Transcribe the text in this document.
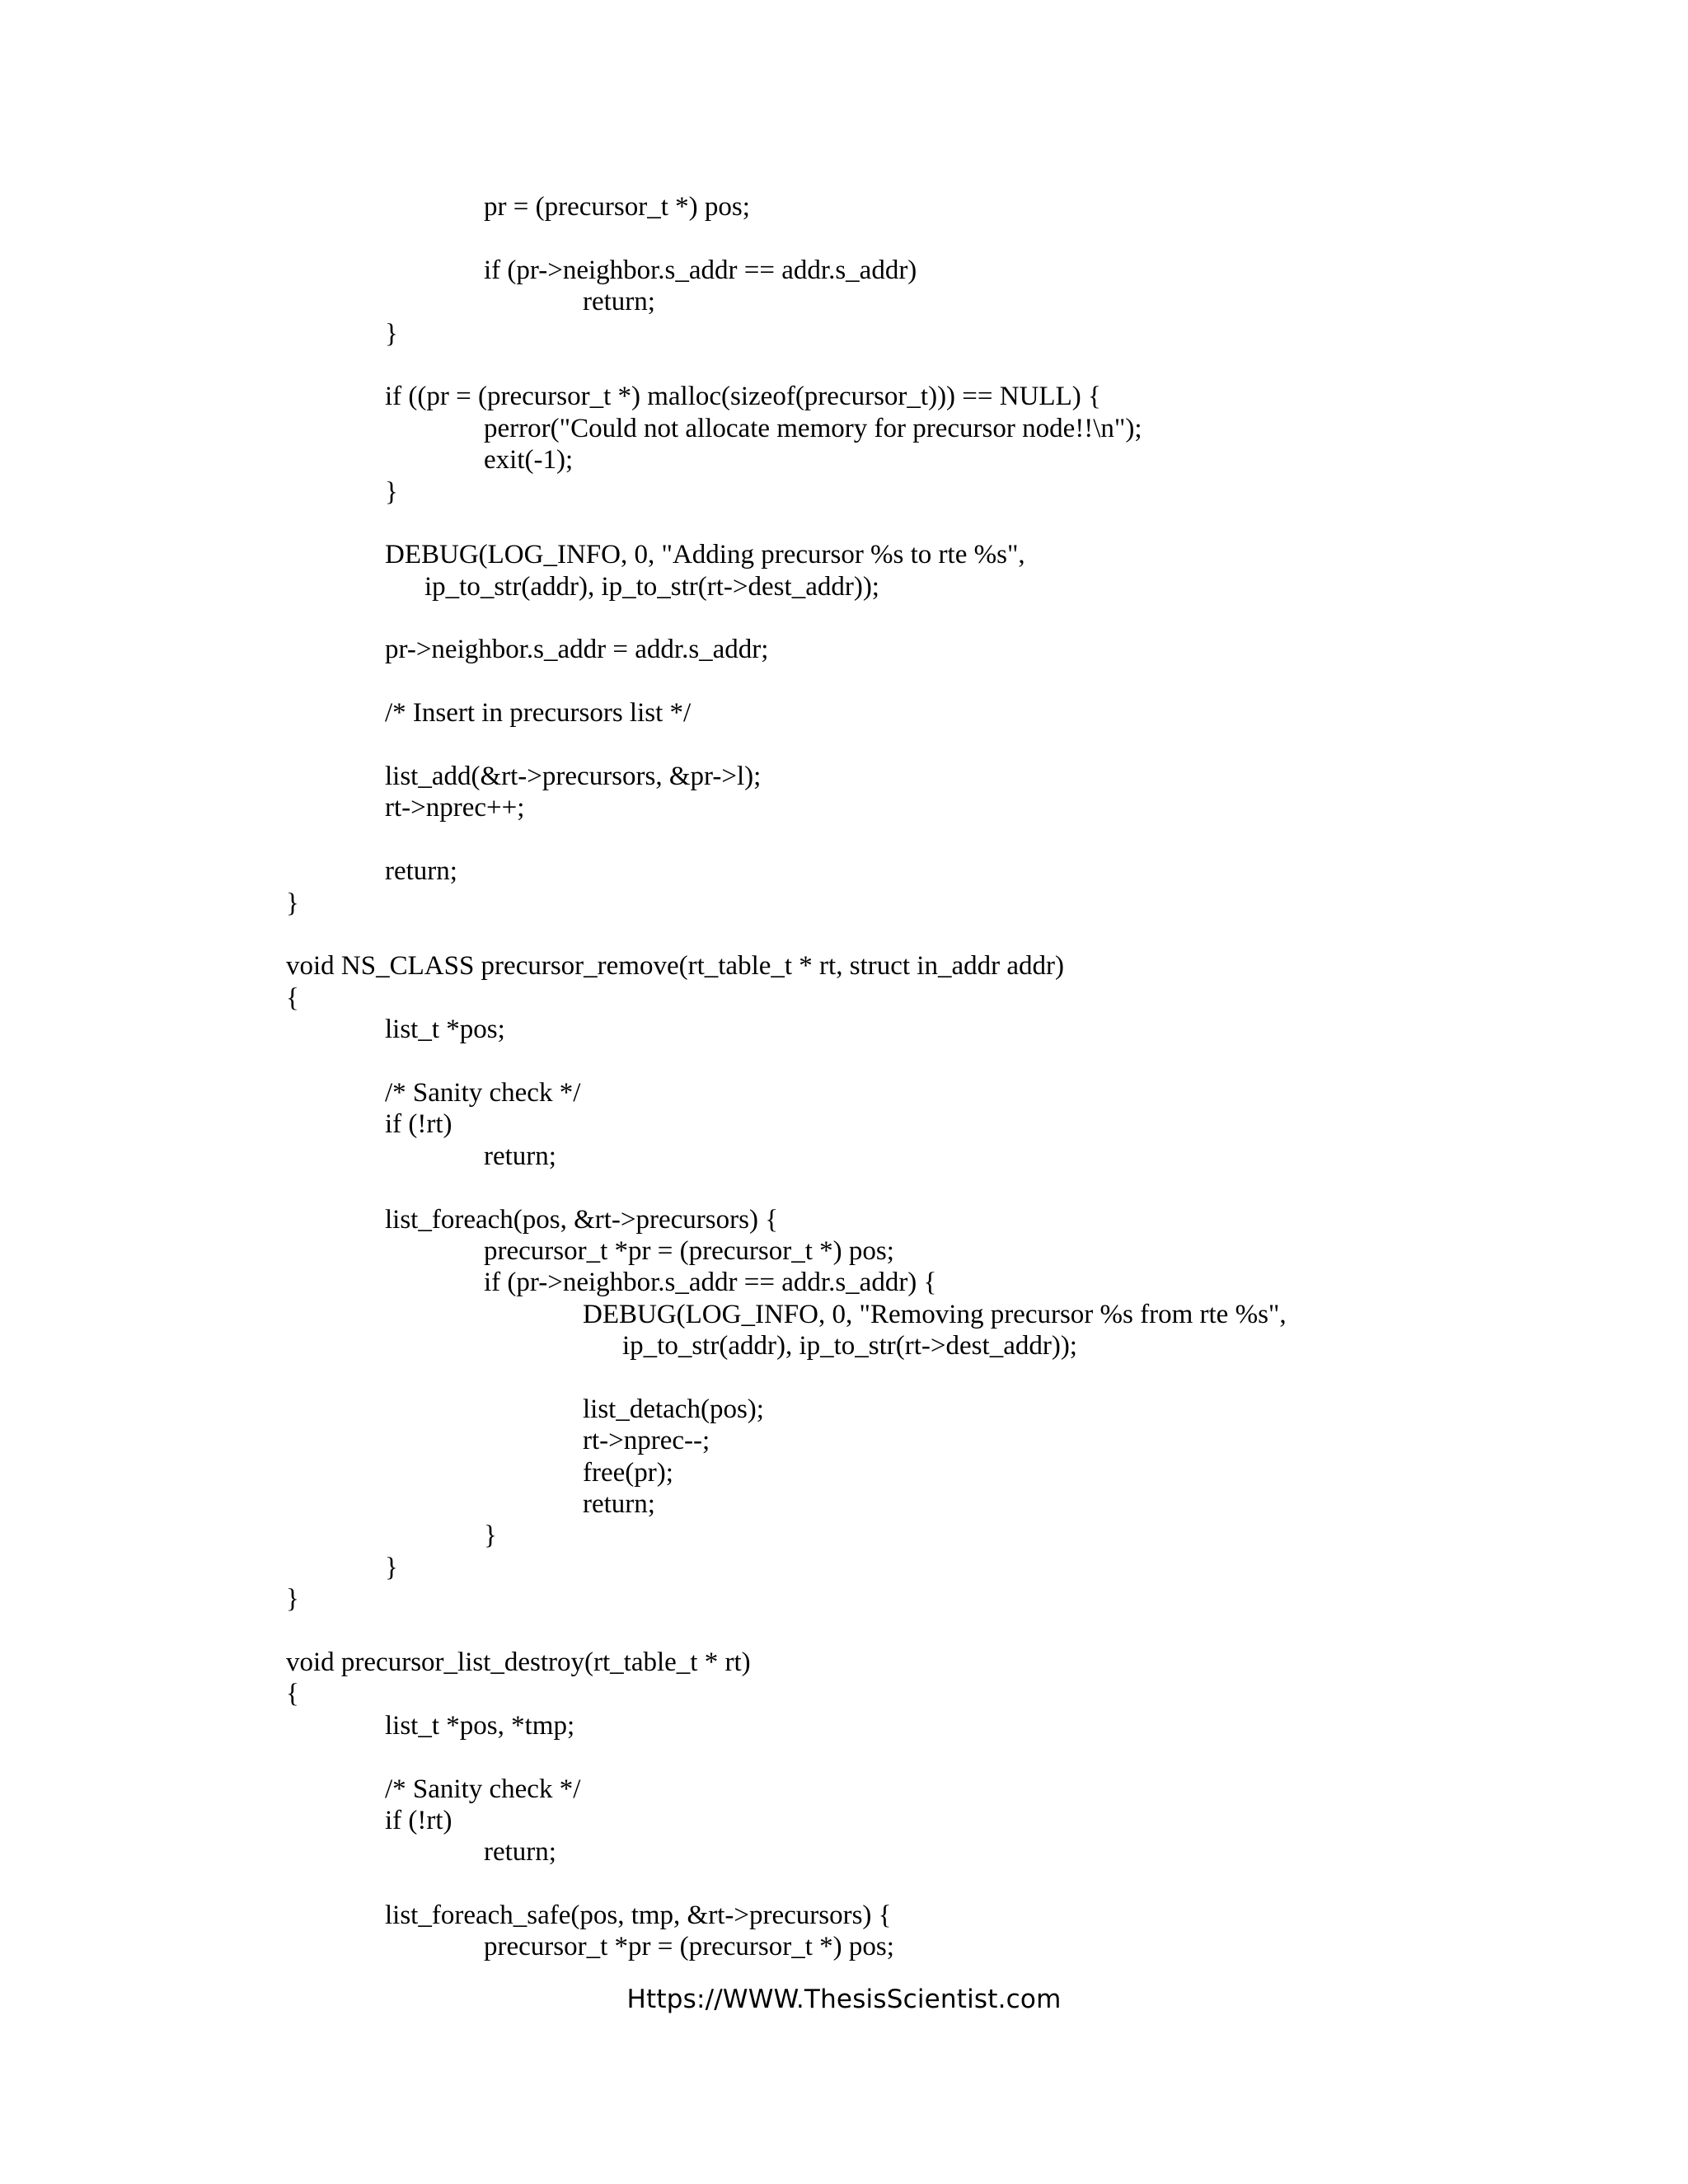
pr = (precursor_t *) pos;
if (pr->neighbor.s_addr == addr.s_addr)
return;
}
if ((pr = (precursor_t *) malloc(sizeof(precursor_t))) == NULL) {
perror("Could not allocate memory for precursor node!!\n");
exit(-1);
}
DEBUG(LOG_INFO, 0, "Adding precursor %s to rte %s",
ip_to_str(addr), ip_to_str(rt->dest_addr));
pr->neighbor.s_addr = addr.s_addr;
/* Insert in precursors list */
list_add(&rt->precursors, &pr->l);
rt->nprec++;
return;
}
void NS_CLASS precursor_remove(rt_table_t * rt, struct in_addr addr)
{
list_t *pos;
/* Sanity check */
if (!rt)
return;
list_foreach(pos, &rt->precursors) {
precursor_t *pr = (precursor_t *) pos;
if (pr->neighbor.s_addr == addr.s_addr) {
DEBUG(LOG_INFO, 0, "Removing precursor %s from rte %s",
ip_to_str(addr), ip_to_str(rt->dest_addr));
list_detach(pos);
rt->nprec--;
free(pr);
return;
}
}
}
void precursor_list_destroy(rt_table_t * rt)
{
list_t *pos, *tmp;
/* Sanity check */
if (!rt)
return;
list_foreach_safe(pos, tmp, &rt->precursors) {
precursor_t *pr = (precursor_t *) pos;
Https://WWW.ThesisScientist.com
